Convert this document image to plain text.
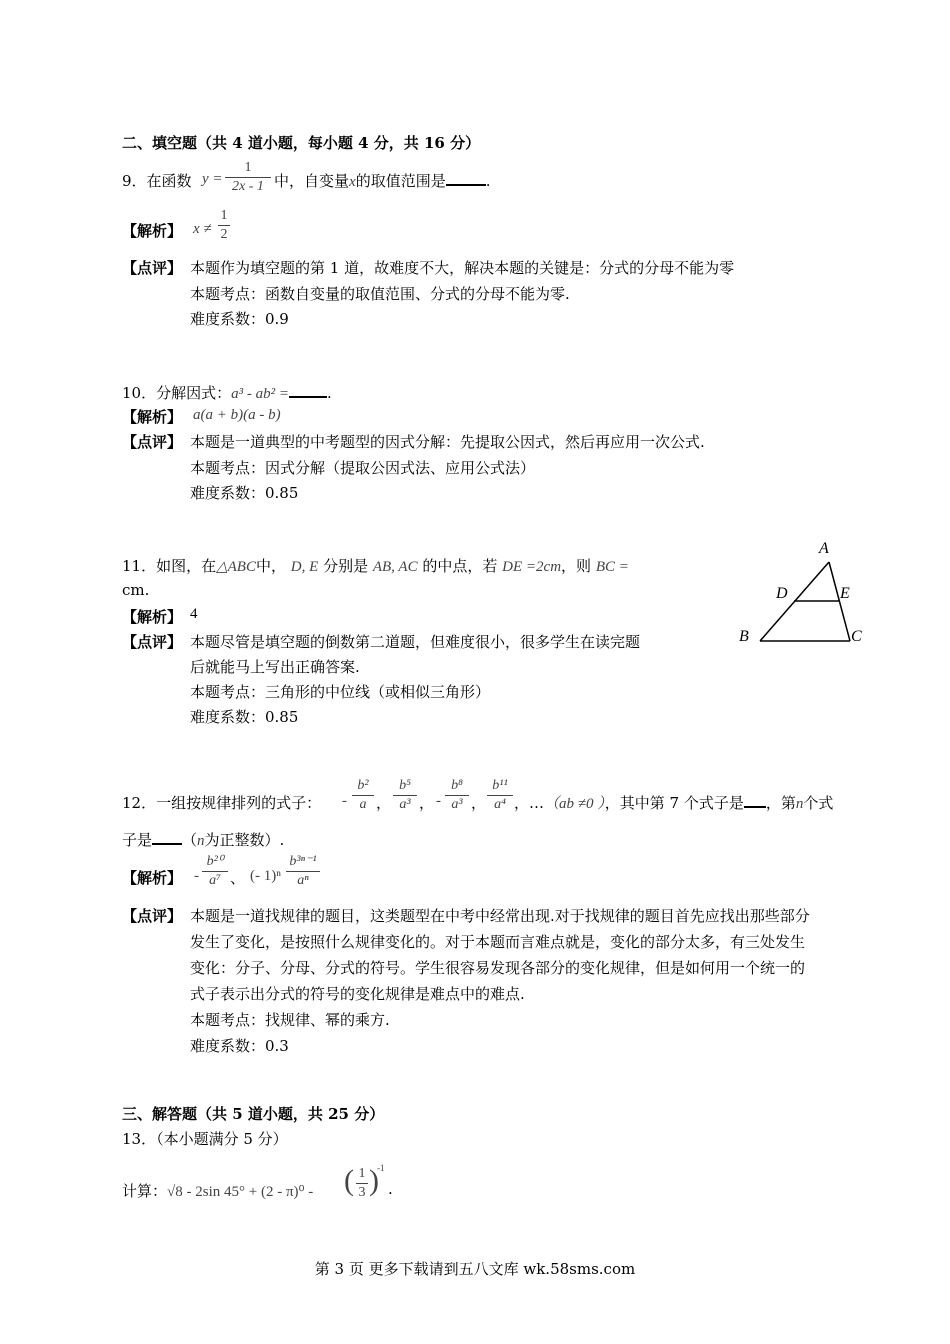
二、填空题（共 4 道小题，每小题 4 分，共 16 分）
9．在函数 y =
1
2x - 1 中，自变量x的取值范围是	.
【解析】 x ≠
1
2
【点评】 本题作为填空题的第 1 道，故难度不大，解决本题的关键是：分式的分母不能为零
本题考点：函数自变量的取值范围、分式的分母不能为零.
难度系数：0.9
10．分解因式：a³ - ab² =	.
【解析】 a(a + b)(a - b)
【点评】 本题是一道典型的中考题型的因式分解：先提取公因式，然后再应用一次公式.
本题考点：因式分解（提取公因式法、应用公式法）
难度系数：0.85
11．如图，在△ABC中， D, E 分别是 AB, AC 的中点，若 DE =2cm，则 BC =
cm.
【解析】 4
【点评】 本题尽管是填空题的倒数第二道题，但难度很小，很多学生在读完题
后就能马上写出正确答案.
本题考点：三角形的中位线（或相似三角形）
难度系数：0.85
A
D	E
B	C
12．一组按规律排列的式子： -
b²
a ，
b⁵
a³ ， -
b⁸
a³ ，
b¹¹
a⁴ ，…（ab ≠0 ），其中第 7 个式子是 ，第n个式
子是 （n为正整数）.
【解析】 -
b²⁰
a⁷ 、 (- 1)ⁿ
b³ⁿ⁻¹
aⁿ
【点评】 本题是一道找规律的题目，这类题型在中考中经常出现.对于找规律的题目首先应找出那些部分
发生了变化，是按照什么规律变化的。对于本题而言难点就是，变化的部分太多，有三处发生
变化：分子、分母、分式的符号。学生很容易发现各部分的变化规律，但是如何用一个统一的
式子表示出分式的符号的变化规律是难点中的难点.
本题考点：找规律、幂的乘方.
难度系数：0.3
三、解答题（共 5 道小题，共 25 分）
13．（本小题满分 5 分）
计算：√8 - 2sin 45° + (2 - π)⁰ - ( 1
3 )
-1
.
第 3 页 更多下载请到五八文库 wk.58sms.com
